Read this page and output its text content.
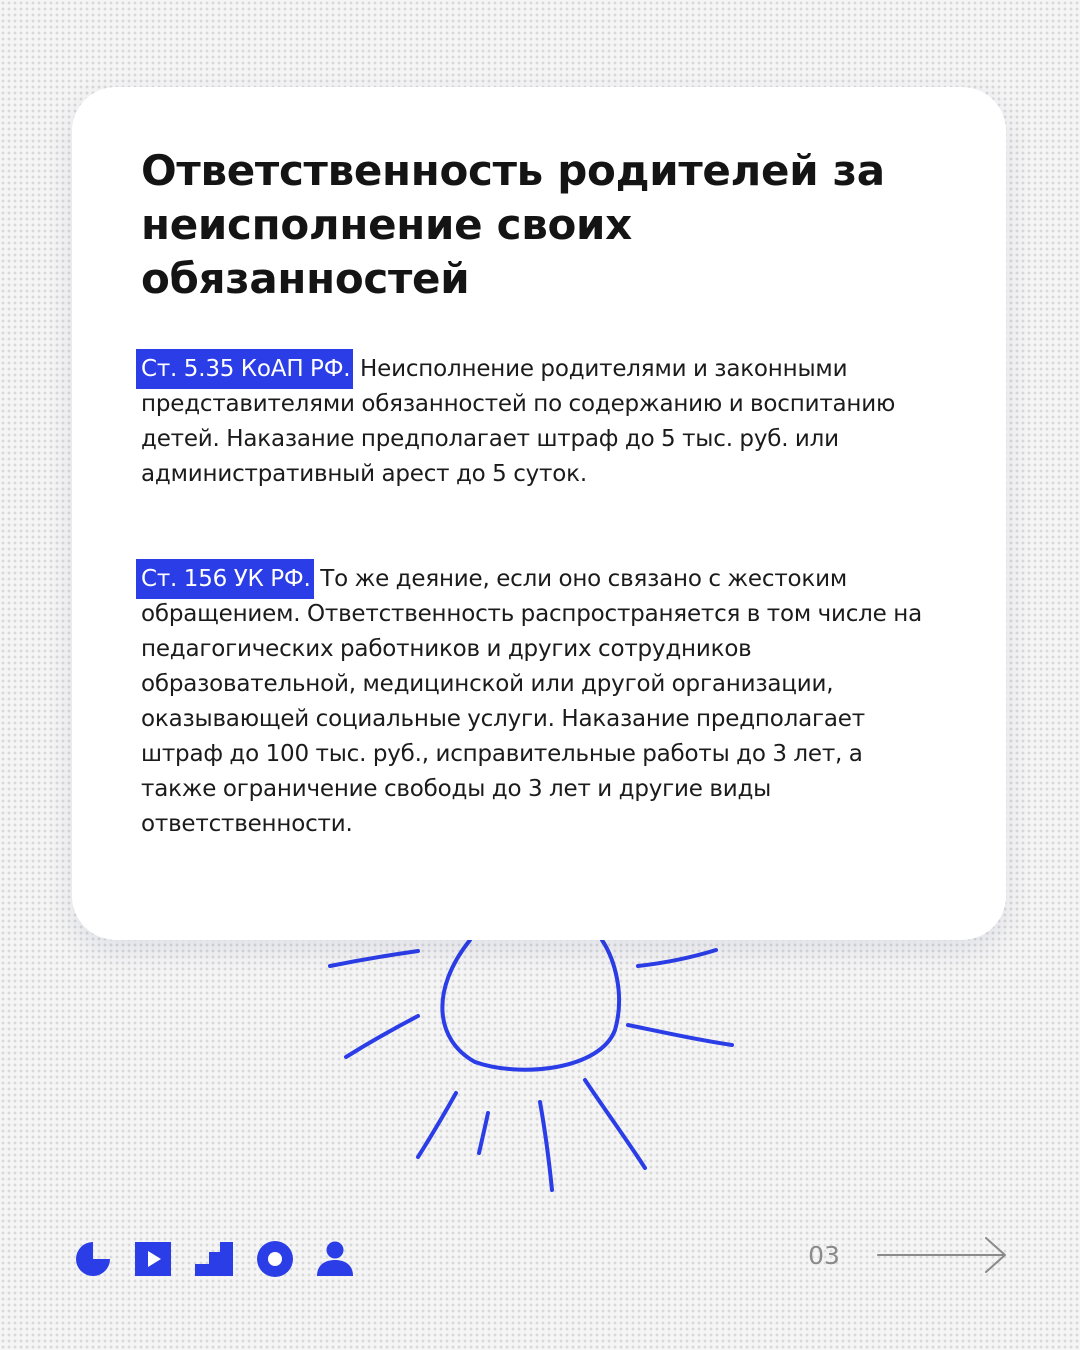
Ответственность родителей за неисполнение своих обязанностей

Ст. 5.35 КоАП РФ. Неисполнение родителями и законными представителями обязанностей по содержанию и воспитанию детей. Наказание предполагает штраф до 5 тыс. руб. или административный арест до 5 суток.

Ст. 156 УК РФ. То же деяние, если оно связано с жестоким обращением. Ответственность распространяется в том числе на педагогических работников и других сотрудников образовательной, медицинской или другой организации, оказывающей социальные услуги. Наказание предполагает штраф до 100 тыс. руб., исправительные работы до 3 лет, а также ограничение свободы до 3 лет и другие виды ответственности.

03
